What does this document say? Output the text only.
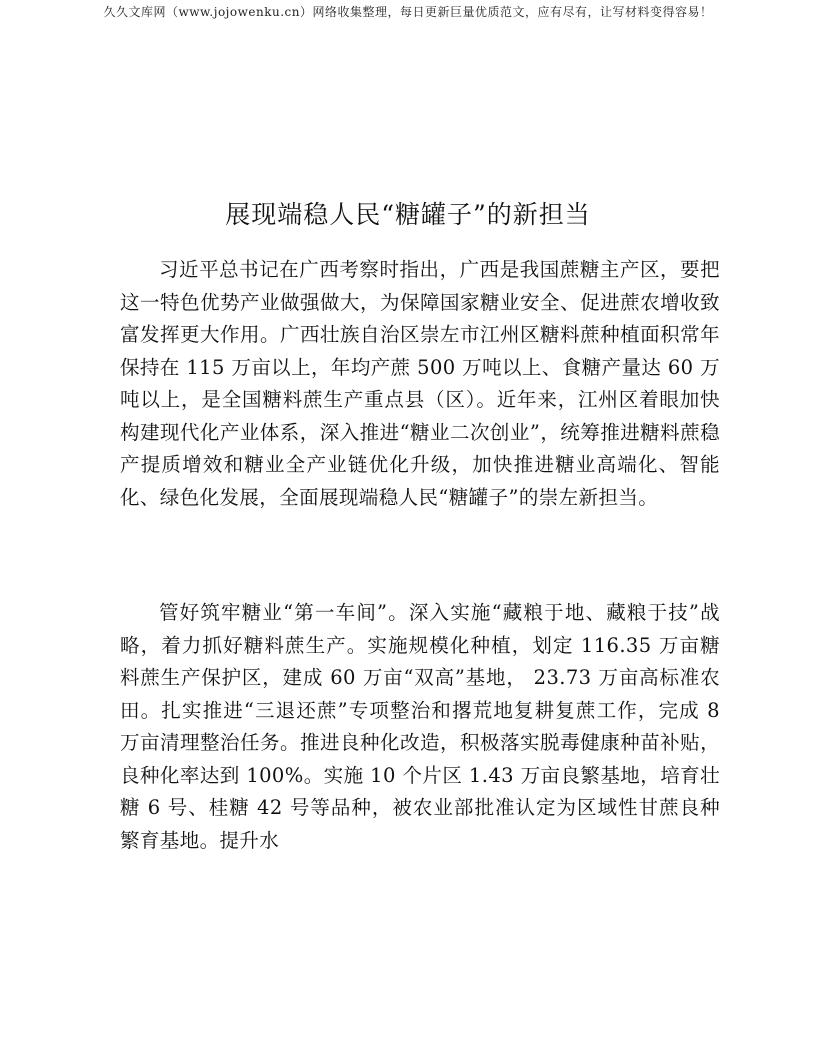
久久文库网（www.jojowenku.cn）网络收集整理，每日更新巨量优质范文，应有尽有，让写材料变得容易！
展现端稳人民“糖罐子”的新担当

习近平总书记在广西考察时指出，广西是我国蔗糖主产区，要把这一特色优势产业做强做大，为保障国家糖业安全、促进蔗农增收致富发挥更大作用。广西壮族自治区崇左市江州区糖料蔗种植面积常年保持在 115 万亩以上，年均产蔗 500 万吨以上、食糖产量达 60 万吨以上，是全国糖料蔗生产重点县（区）。近年来，江州区着眼加快构建现代化产业体系，深入推进“糖业二次创业”，统筹推进糖料蔗稳产提质增效和糖业全产业链优化升级，加快推进糖业高端化、智能化、绿色化发展，全面展现端稳人民“糖罐子”的崇左新担当。

管好筑牢糖业“第一车间”。深入实施“藏粮于地、藏粮于技”战略，着力抓好糖料蔗生产。实施规模化种植，划定 116.35 万亩糖料蔗生产保护区，建成 60 万亩“双高”基地， 23.73 万亩高标准农田。扎实推进“三退还蔗”专项整治和撂荒地复耕复蔗工作，完成 8 万亩清理整治任务。推进良种化改造，积极落实脱毒健康种苗补贴，良种化率达到 100%。实施 10 个片区 1.43 万亩良繁基地，培育壮糖 6 号、桂糖 42 号等品种，被农业部批准认定为区域性甘蔗良种繁育基地。提升水
